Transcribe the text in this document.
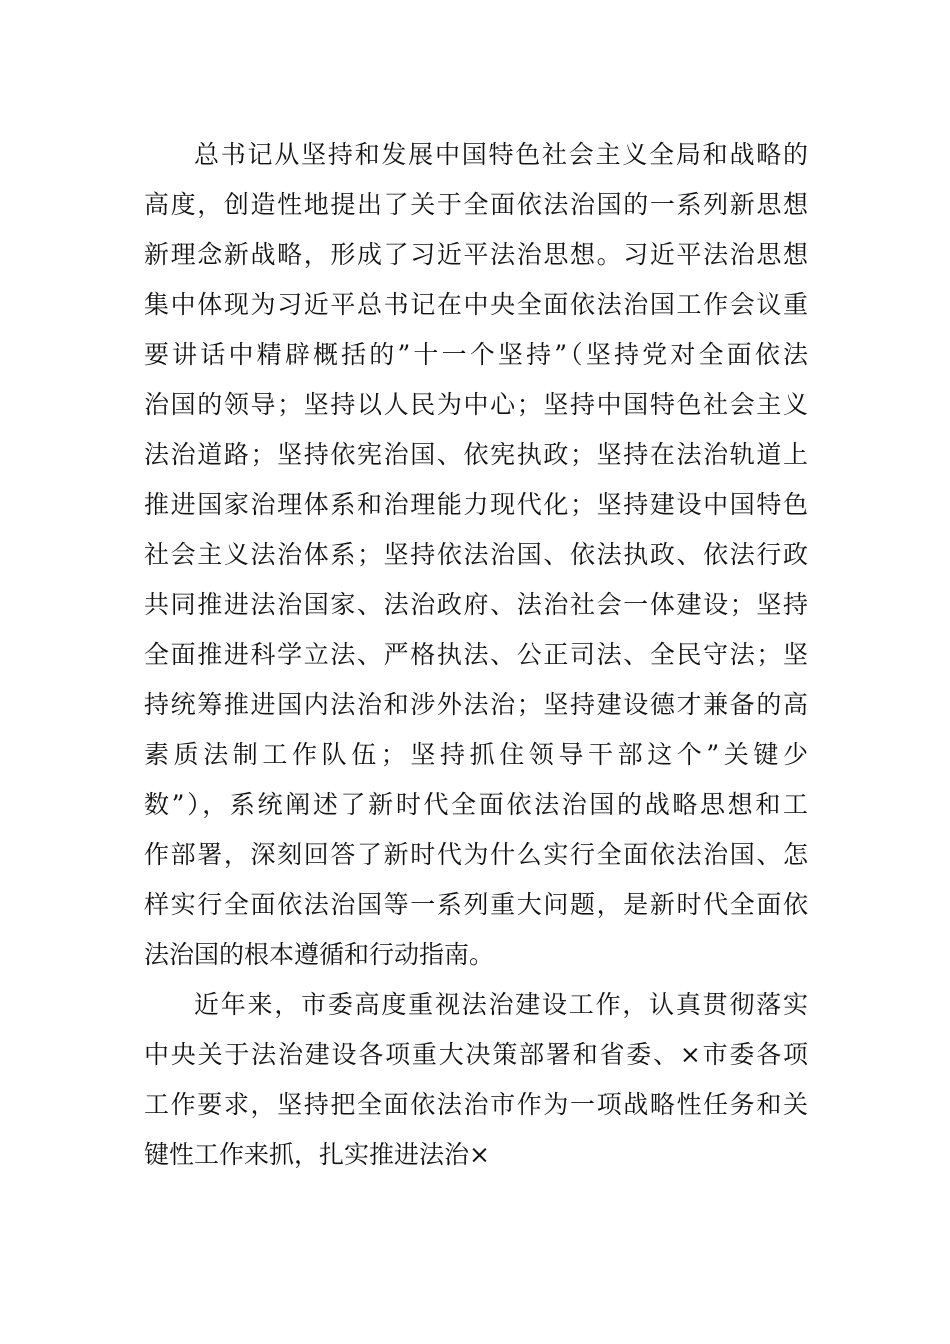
总书记从坚持和发展中国特色社会主义全局和战略的
高度，创造性地提出了关于全面依法治国的一系列新思想
新理念新战略，形成了习近平法治思想。习近平法治思想
集中体现为习近平总书记在中央全面依法治国工作会议重
要讲话中精辟概括的”十一个坚持”（坚持党对全面依法
治国的领导；坚持以人民为中心；坚持中国特色社会主义
法治道路；坚持依宪治国、依宪执政；坚持在法治轨道上
推进国家治理体系和治理能力现代化；坚持建设中国特色
社会主义法治体系；坚持依法治国、依法执政、依法行政
共同推进法治国家、法治政府、法治社会一体建设；坚持
全面推进科学立法、严格执法、公正司法、全民守法；坚
持统筹推进国内法治和涉外法治；坚持建设德才兼备的高
素质法制工作队伍；坚持抓住领导干部这个”关键少
数”），系统阐述了新时代全面依法治国的战略思想和工
作部署，深刻回答了新时代为什么实行全面依法治国、怎
样实行全面依法治国等一系列重大问题，是新时代全面依
法治国的根本遵循和行动指南。
近年来，市委高度重视法治建设工作，认真贯彻落实
中央关于法治建设各项重大决策部署和省委、×市委各项
工作要求，坚持把全面依法治市作为一项战略性任务和关
键性工作来抓，扎实推进法治×
